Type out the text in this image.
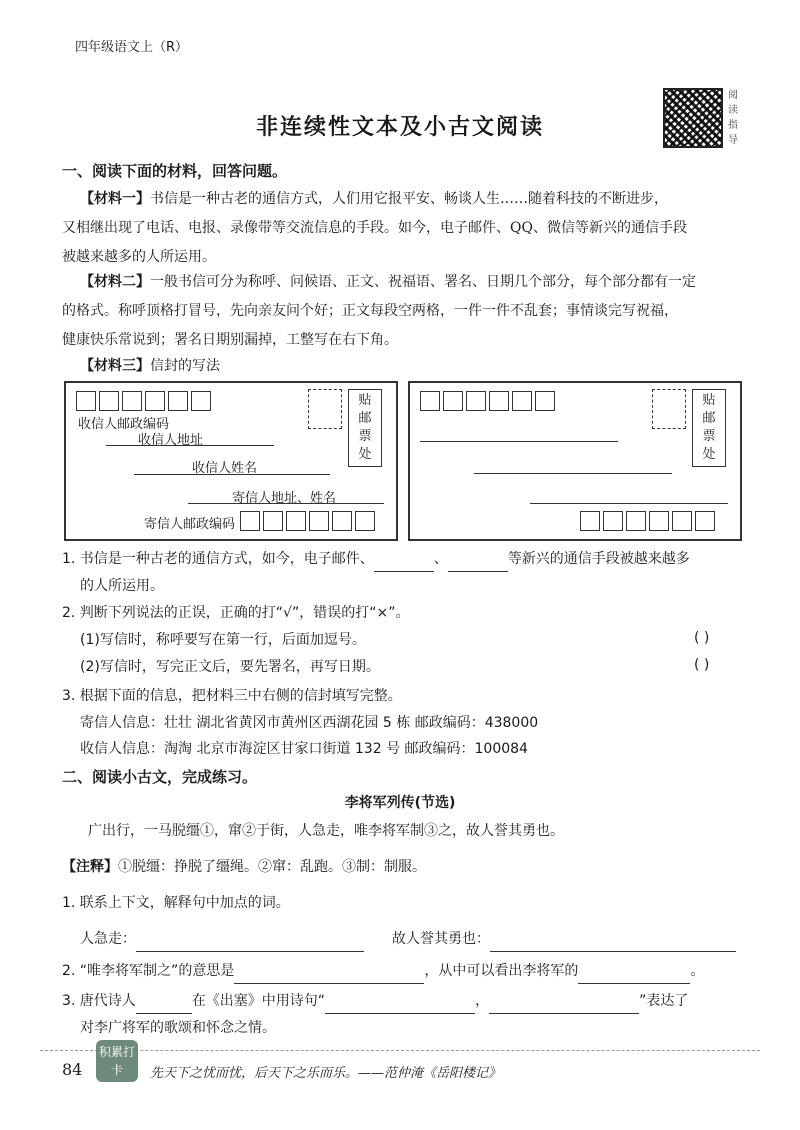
四年级语文上（R）
阅读指导
非连续性文本及小古文阅读
一、阅读下面的材料，回答问题。
【材料一】书信是一种古老的通信方式，人们用它报平安、畅谈人生……随着科技的不断进步，
又相继出现了电话、电报、录像带等交流信息的手段。如今，电子邮件、QQ、微信等新兴的通信手段
被越来越多的人所运用。
【材料二】一般书信可分为称呼、问候语、正文、祝福语、署名、日期几个部分，每个部分都有一定
的格式。称呼顶格打冒号，先向亲友问个好；正文每段空两格，一件一件不乱套；事情谈完写祝福，
健康快乐常说到；署名日期别漏掉，工整写在右下角。
【材料三】信封的写法
收信人邮政编码
贴 邮
票 处
收信人地址
收信人姓名
寄信人地址、姓名
寄信人邮政编码
贴 邮
票 处
1. 书信是一种古老的通信方式，如今，电子邮件、	、	等新兴的通信手段被越来越多
的人所运用。
2. 判断下列说法的正误，正确的打“√”，错误的打“×”。
(1)写信时，称呼要写在第一行，后面加逗号。	( )
(2)写信时，写完正文后，要先署名，再写日期。	( )
3. 根据下面的信息，把材料三中右侧的信封填写完整。
寄信人信息：壮壮 湖北省黄冈市黄州区西湖花园 5 栋 邮政编码：438000
收信人信息：淘淘 北京市海淀区甘家口街道 132 号 邮政编码：100084
二、阅读小古文，完成练习。
李将军列传(节选)
广出行，一马脱缰①，窜②于街，人急走，唯李将军制③之，故人誉其勇也。
【注释】①脱缰：挣脱了缰绳。②窜：乱跑。③制：制服。
1. 联系上下文，解释句中加点的词。
人急走：	故人誉其勇也：
2. “唯李将军制之”的意思是	，从中可以看出李将军的	。
3. 唐代诗人	在《出塞》中用诗句“	，	”表达了
对李广将军的歌颂和怀念之情。
84
积累打卡	先天下之忧而忧，后天下之乐而乐。——范仲淹《岳阳楼记》
